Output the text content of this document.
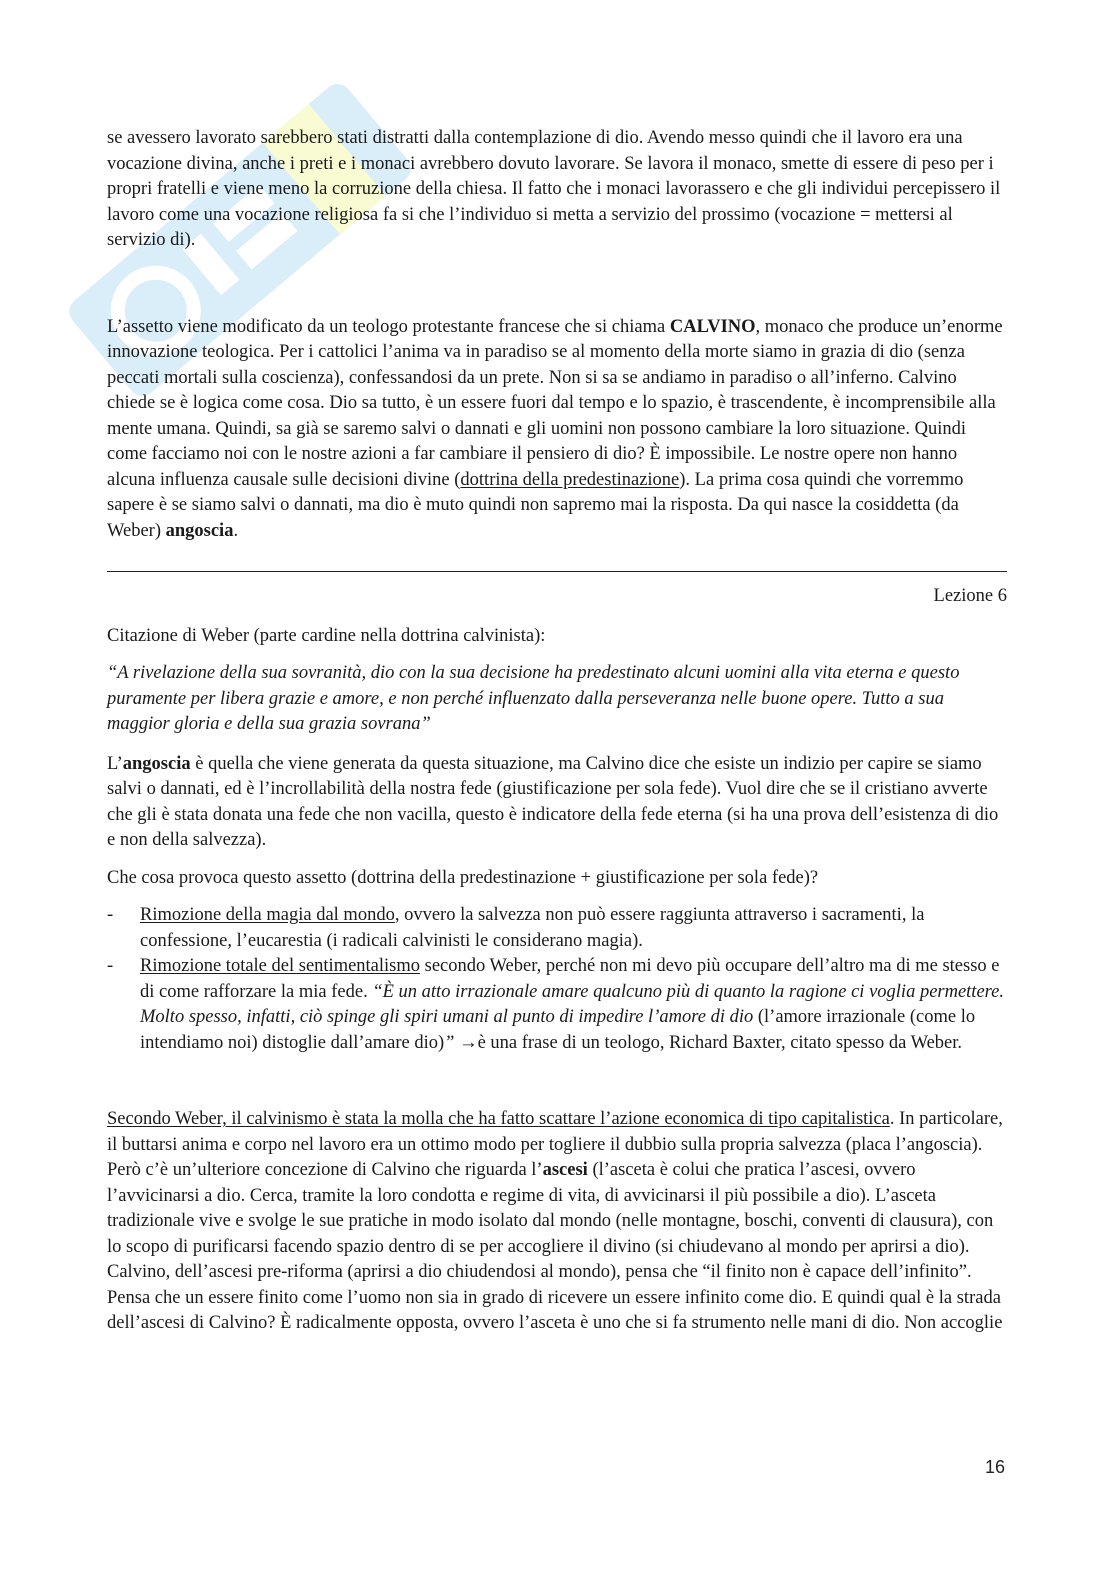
se avessero lavorato sarebbero stati distratti dalla contemplazione di dio. Avendo messo quindi che il lavoro era una vocazione divina, anche i preti e i monaci avrebbero dovuto lavorare. Se lavora il monaco, smette di essere di peso per i propri fratelli e viene meno la corruzione della chiesa. Il fatto che i monaci lavorassero e che gli individui percepissero il lavoro come una vocazione religiosa fa si che l’individuo si metta a servizio del prossimo (vocazione = mettersi al servizio di).

L’assetto viene modificato da un teologo protestante francese che si chiama CALVINO, monaco che produce un’enorme innovazione teologica. Per i cattolici l’anima va in paradiso se al momento della morte siamo in grazia di dio (senza peccati mortali sulla coscienza), confessandosi da un prete. Non si sa se andiamo in paradiso o all’inferno. Calvino chiede se è logica come cosa. Dio sa tutto, è un essere fuori dal tempo e lo spazio, è trascendente, è incomprensibile alla mente umana. Quindi, sa già se saremo salvi o dannati e gli uomini non possono cambiare la loro situazione. Quindi come facciamo noi con le nostre azioni a far cambiare il pensiero di dio? È impossibile. Le nostre opere non hanno alcuna influenza causale sulle decisioni divine (dottrina della predestinazione). La prima cosa quindi che vorremmo sapere è se siamo salvi o dannati, ma dio è muto quindi non sapremo mai la risposta. Da qui nasce la cosiddetta (da Weber) angoscia.

Lezione 6

Citazione di Weber (parte cardine nella dottrina calvinista):

“A rivelazione della sua sovranità, dio con la sua decisione ha predestinato alcuni uomini alla vita eterna e questo puramente per libera grazie e amore, e non perché influenzato dalla perseveranza nelle buone opere. Tutto a sua maggior gloria e della sua grazia sovrana”

L’angoscia è quella che viene generata da questa situazione, ma Calvino dice che esiste un indizio per capire se siamo salvi o dannati, ed è l’incrollabilità della nostra fede (giustificazione per sola fede). Vuol dire che se il cristiano avverte che gli è stata donata una fede che non vacilla, questo è indicatore della fede eterna (si ha una prova dell’esistenza di dio e non della salvezza).

Che cosa provoca questo assetto (dottrina della predestinazione + giustificazione per sola fede)?

- Rimozione della magia dal mondo, ovvero la salvezza non può essere raggiunta attraverso i sacramenti, la confessione, l’eucarestia (i radicali calvinisti le considerano magia).
- Rimozione totale del sentimentalismo secondo Weber, perché non mi devo più occupare dell’altro ma di me stesso e di come rafforzare la mia fede. “È un atto irrazionale amare qualcuno più di quanto la ragione ci voglia permettere. Molto spesso, infatti, ciò spinge gli spiri umani al punto di impedire l’amore di dio (l’amore irrazionale (come lo intendiamo noi) distoglie dall’amare dio)” →è una frase di un teologo, Richard Baxter, citato spesso da Weber.

Secondo Weber, il calvinismo è stata la molla che ha fatto scattare l’azione economica di tipo capitalistica. In particolare, il buttarsi anima e corpo nel lavoro era un ottimo modo per togliere il dubbio sulla propria salvezza (placa l’angoscia). Però c’è un’ulteriore concezione di Calvino che riguarda l’ascesi (l’asceta è colui che pratica l’ascesi, ovvero l’avvicinarsi a dio. Cerca, tramite la loro condotta e regime di vita, di avvicinarsi il più possibile a dio). L’asceta tradizionale vive e svolge le sue pratiche in modo isolato dal mondo (nelle montagne, boschi, conventi di clausura), con lo scopo di purificarsi facendo spazio dentro di se per accogliere il divino (si chiudevano al mondo per aprirsi a dio). Calvino, dell’ascesi pre-riforma (aprirsi a dio chiudendosi al mondo), pensa che “il finito non è capace dell’infinito”. Pensa che un essere finito come l’uomo non sia in grado di ricevere un essere infinito come dio. E quindi qual è la strada dell’ascesi di Calvino? È radicalmente opposta, ovvero l’asceta è uno che si fa strumento nelle mani di dio. Non accoglie

16
